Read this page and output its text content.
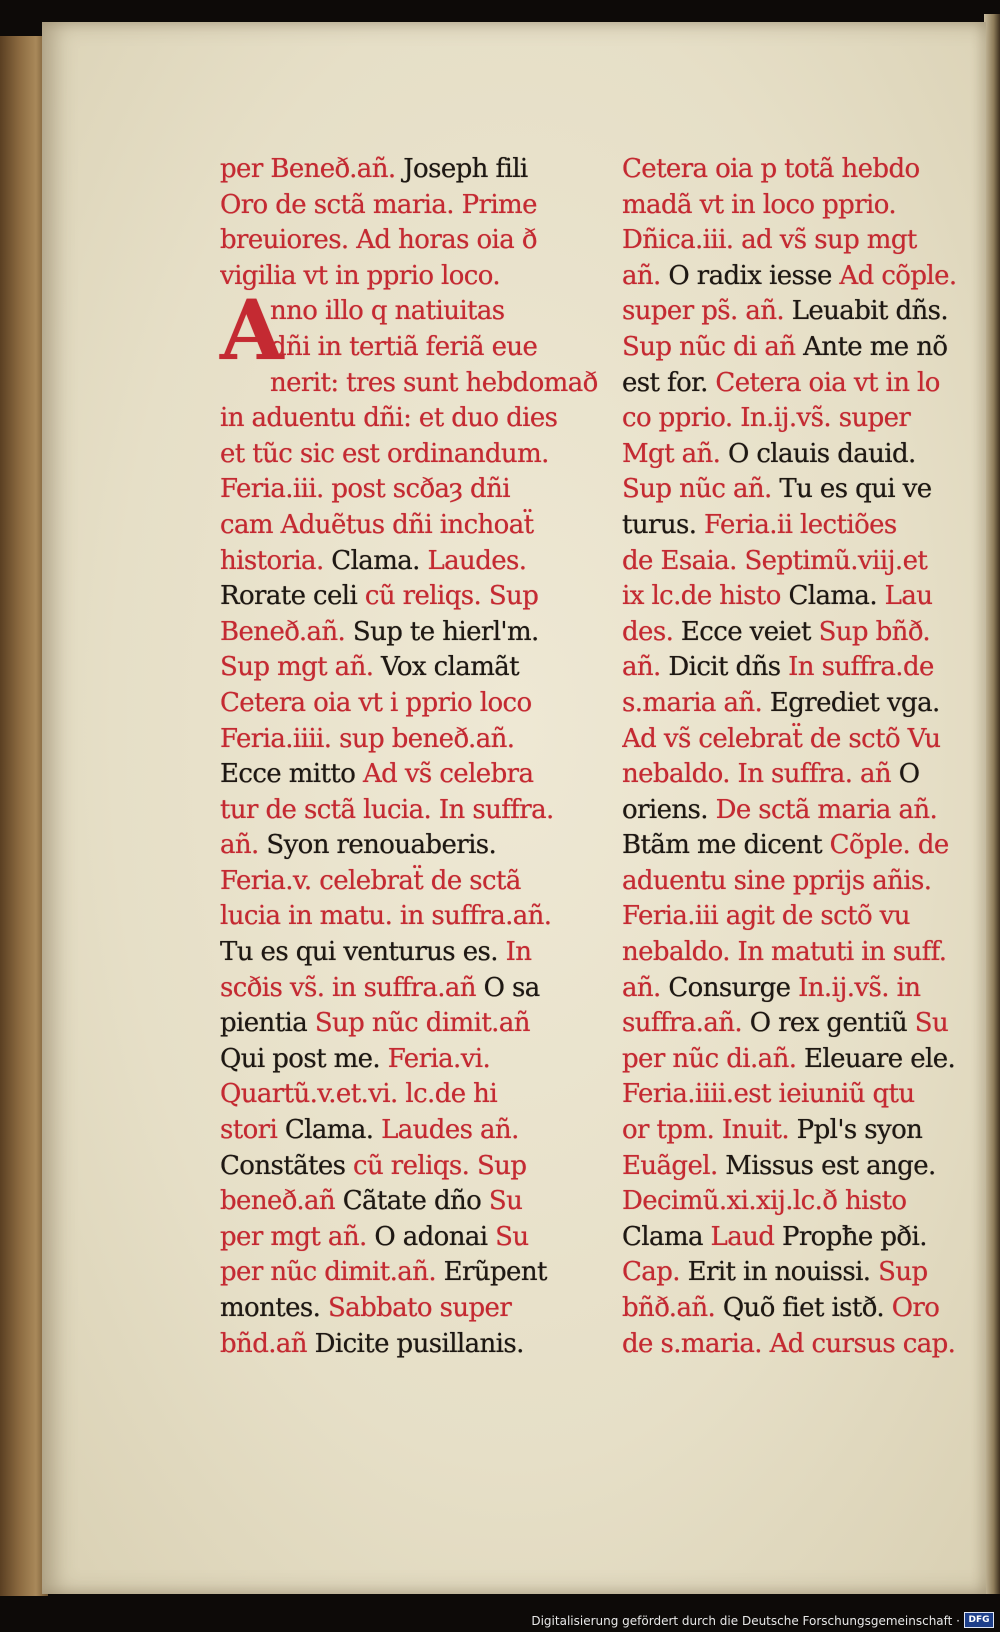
per Beneð.añ. Joseph fili
Oro de sctã maria. Prime
breuiores. Ad horas oia ð
vigilia vt in pprio loco.
A
nno illo q natiuitas
dñi in tertiã feriã eue
nerit: tres sunt hebdomað
in aduentu dñi: et duo dies
et tũc sic est ordinandum.
Feria.iii. post scðaȝ dñi
cam Aduẽtus dñi inchoaẗ
historia. Clama. Laudes.
Rorate celi cũ reliqs. Sup
Beneð.añ. Sup te hierl'm.
Sup mgt añ. Vox clamãt
Cetera oia vt i pprio loco
Feria.iiii. sup beneð.añ.
Ecce mitto Ad vs̃ celebra
tur de sctã lucia. In suffra.
añ. Syon renouaberis.
Feria.v. celebraẗ de sctã
lucia in matu. in suffra.añ.
Tu es qui venturus es. In
scðis vs̃. in suffra.añ O sa
pientia Sup nũc dimit.añ
Qui post me. Feria.vi.
Quartũ.v.et.vi. lc.de hi
stori Clama. Laudes añ.
Constãtes cũ reliqs. Sup
beneð.añ Cãtate dño Su
per mgt añ. O adonai Su
per nũc dimit.añ. Erũpent
montes. Sabbato super
bñd.añ Dicite pusillanis.
Cetera oia p totã hebdo
madã vt in loco pprio.
Dñica.iii. ad vs̃ sup mgt
añ. O radix iesse Ad cõple.
super ps̃. añ. Leuabit dñs.
Sup nũc di añ Ante me nõ
est for. Cetera oia vt in lo
co pprio. In.ij.vs̃. super
Mgt añ. O clauis dauid.
Sup nũc añ. Tu es qui ve
turus. Feria.ii lectiões
de Esaia. Septimũ.viij.et
ix lc.de histo Clama. Lau
des. Ecce veiet Sup bñð.
añ. Dicit dñs In suffra.de
s.maria añ. Egrediet vga.
Ad vs̃ celebraẗ de sctõ Vu
nebaldo. In suffra. añ O
oriens. De sctã maria añ.
Btãm me dicent Cõple. de
aduentu sine pprijs añis.
Feria.iii agit de sctõ vu
nebaldo. In matuti in suff.
añ. Consurge In.ij.vs̃. in
suffra.añ. O rex gentiũ Su
per nũc di.añ. Eleuare ele.
Feria.iiii.est ieiuniũ qtu
or tpm. Inuit. Ppl's syon
Euãgel. Missus est ange.
Decimũ.xi.xij.lc.ð histo
Clama Laud Propħe pði.
Cap. Erit in nouissi. Sup
bñð.añ. Quõ fiet istð. Oro
de s.maria. Ad cursus cap.
Digitalisierung gefördert durch die Deutsche Forschungsgemeinschaft · DFG
